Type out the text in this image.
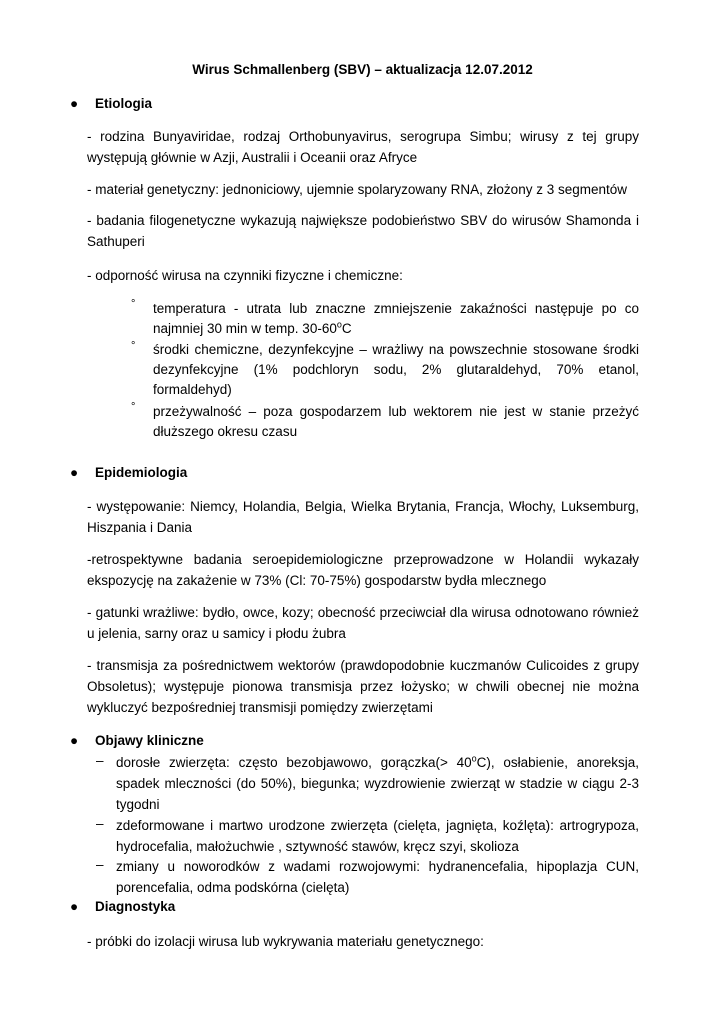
Wirus Schmallenberg (SBV) – aktualizacja 12.07.2012
● Etiologia
- rodzina Bunyaviridae, rodzaj Orthobunyavirus, serogrupa Simbu; wirusy z tej grupy występują głównie w Azji, Australii i Oceanii oraz Afryce
- materiał genetyczny: jednoniciowy, ujemnie spolaryzowany RNA, złożony z 3 segmentów
- badania filogenetyczne wykazują największe podobieństwo SBV do wirusów Shamonda i Sathuperi
- odporność wirusa na czynniki fizyczne i chemiczne:
° temperatura - utrata lub znaczne zmniejszenie zakaźności następuje po co najmniej 30 min w temp. 30-60$^o$C
° środki chemiczne, dezynfekcyjne – wrażliwy na powszechnie stosowane środki dezynfekcyjne (1% podchloryn sodu, 2% glutaraldehyd, 70% etanol, formaldehyd)
° przeżywalność – poza gospodarzem lub wektorem nie jest w stanie przeżyć dłuższego okresu czasu
● Epidemiologia
- występowanie: Niemcy, Holandia, Belgia, Wielka Brytania, Francja, Włochy, Luksemburg, Hiszpania i Dania
-retrospektywne badania seroepidemiologiczne przeprowadzone w Holandii wykazały ekspozycję na zakażenie w 73% (Cl: 70-75%) gospodarstw bydła mlecznego
- gatunki wrażliwe: bydło, owce, kozy; obecność przeciwciał dla wirusa odnotowano również u jelenia, sarny oraz u samicy i płodu żubra
- transmisja za pośrednictwem wektorów (prawdopodobnie kuczmanów Culicoides z grupy Obsoletus); występuje pionowa transmisja przez łożysko; w chwili obecnej nie można wykluczyć bezpośredniej transmisji pomiędzy zwierzętami
● Objawy kliniczne
– dorosłe zwierzęta: często bezobjawowo, gorączka(> $40^oC$), osłabienie, anoreksja, spadek mleczności (do 50%), biegunka; wyzdrowienie zwierząt w stadzie w ciągu 2-3 tygodni
– zdeformowane i martwo urodzone zwierzęta (cielęta, jagnięta, koźlęta): artrogrypoza, hydrocefalia, małożuchwie , sztywność stawów, kręcz szyi, skolioza
– zmiany u noworodków z wadami rozwojowymi: hydranencefalia, hipoplazja CUN, porencefalia, odma podskórna (cielęta)
● Diagnostyka
- próbki do izolacji wirusa lub wykrywania materiału genetycznego:
